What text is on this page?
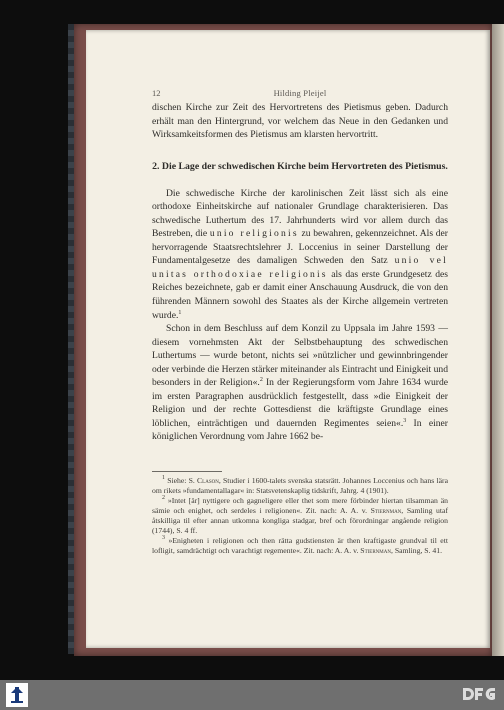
12	Hilding Pleijel

dischen Kirche zur Zeit des Hervortretens des Pietismus geben. Dadurch erhält man den Hintergrund, vor welchem das Neue in den Gedanken und Wirksamkeitsformen des Pietismus am klarsten hervortritt.

2. Die Lage der schwedischen Kirche beim Hervortreten des Pietismus.

Die schwedische Kirche der karolinischen Zeit lässt sich als eine orthodoxe Einheitskirche auf nationaler Grundlage charakterisieren. Das schwedische Luthertum des 17. Jahrhunderts wird vor allem durch das Bestreben, die unio religionis zu bewahren, gekennzeichnet. Als der hervorragende Staatsrechtslehrer J. Loccenius in seiner Darstellung der Fundamentalgesetze des damaligen Schweden den Satz unio vel unitas orthodoxiae religionis als das erste Grundgesetz des Reiches bezeichnete, gab er damit einer Anschauung Ausdruck, die von den führenden Männern sowohl des Staates als der Kirche allgemein vertreten wurde.$^1$

Schon in dem Beschluss auf dem Konzil zu Uppsala im Jahre 1593 — diesem vornehmsten Akt der Selbstbehauptung des schwedischen Luthertums — wurde betont, nichts sei »nützlicher und gewinnbringender oder verbinde die Herzen stärker miteinander als Eintracht und Einigkeit und besonders in der Religion«.$^2$ In der Regierungsform vom Jahre 1634 wurde im ersten Paragraphen ausdrücklich festgestellt, dass »die Einigkeit der Religion und der rechte Gottesdienst die kräftigste Grundlage eines löblichen, einträchtigen und dauernden Regimentes seien«.$^3$ In einer königlichen Verordnung vom Jahre 1662 be-

$^1$ Siehe: S. Clason, Studier i 1600-talets svenska statsrätt. Johannes Loccenius och hans lära om rikets »fundamentallagar« in: Statsvetenskaplig tidskrift, Jahrg. 4 (1901).

$^2$ »Intet [är] nyttigere och gagneligere eller thet som mere förbinder hiertan tilsamman än sämie och enighet, och serdeles i religionen«. Zit. nach: A. A. v. Stiernman, Samling utaf åtskilliga til efter annan utkomna kongliga stadgar, bref och förordningar angående religion (1744), S. 4 ff.

$^3$ »Enigheten i religionen och then rätta gudstiensten är then kraftigaste grundval til ett lofligit, samdrächtigt och varachtigt regemente«. Zit. nach: A. A. v. Stiernman, Samling, S. 41.
